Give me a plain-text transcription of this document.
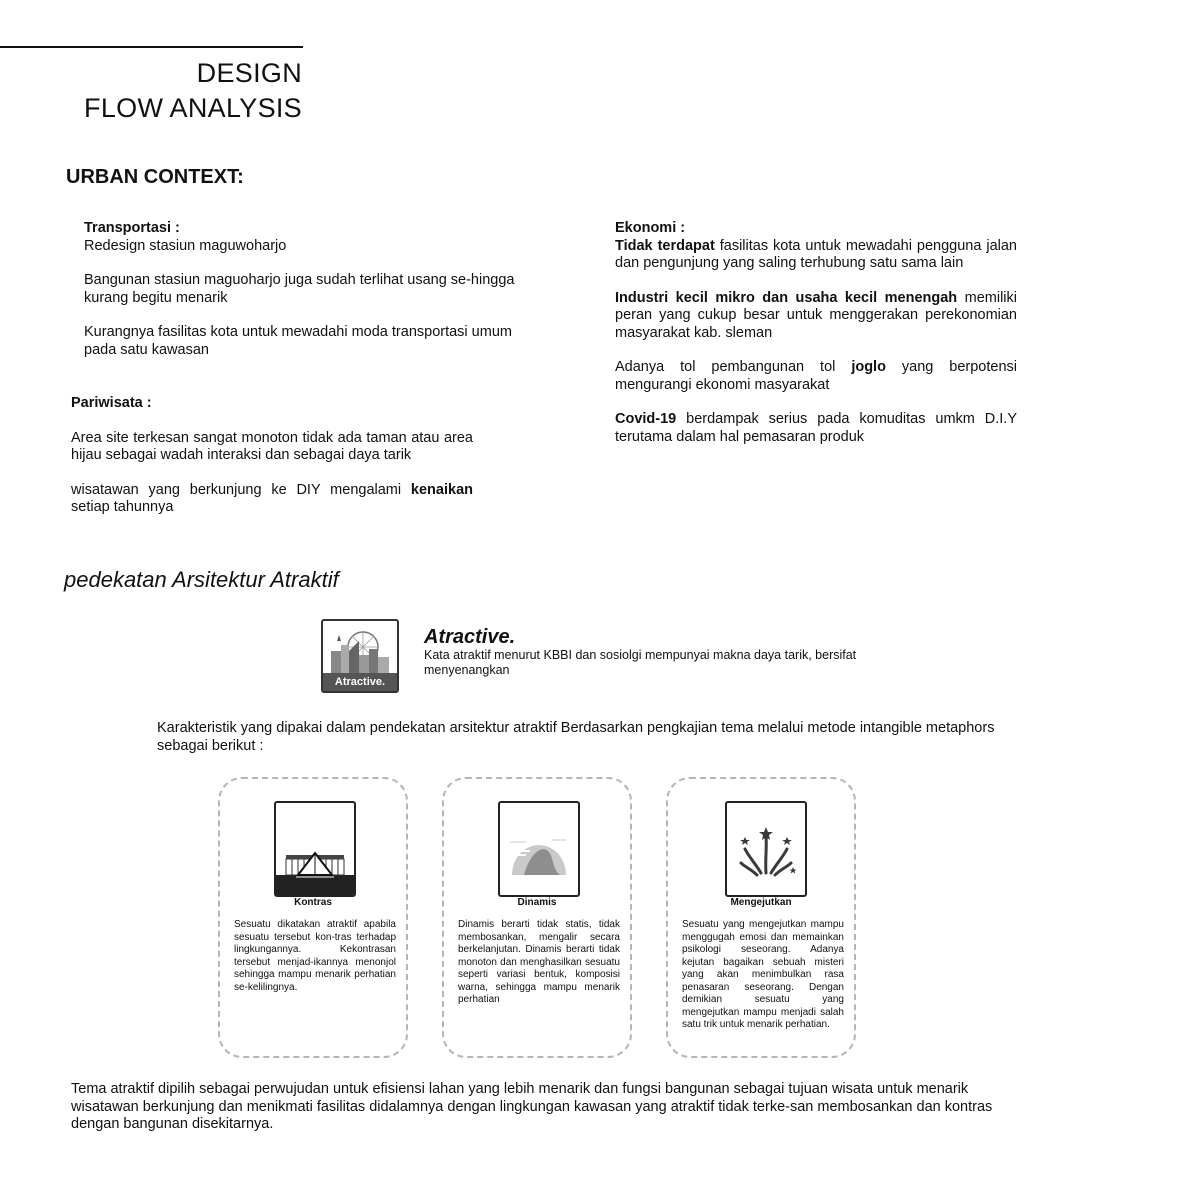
DESIGN
FLOW ANALYSIS
URBAN CONTEXT:

Transportasi :

Redesign stasiun maguwoharjo

Bangunan stasiun maguoharjo juga sudah terlihat usang se-hingga kurang begitu menarik

Kurangnya fasilitas kota untuk mewadahi moda transportasi umum pada satu kawasan

Pariwisata :

Area site terkesan sangat monoton tidak ada taman atau area hijau sebagai wadah interaksi dan sebagai daya tarik

wisatawan yang berkunjung ke DIY mengalami kenaikan setiap tahunnya

Ekonomi :

Tidak terdapat fasilitas kota untuk mewadahi pengguna jalan dan pengunjung yang saling terhubung satu sama lain

Industri kecil mikro dan usaha kecil menengah memiliki peran yang cukup besar untuk menggerakan perekonomian masyarakat kab. sleman

Adanya tol pembangunan tol joglo yang berpotensi mengurangi ekonomi masyarakat

Covid-19 berdampak serius pada komuditas umkm D.I.Y terutama dalam hal pemasaran produk

pedekatan Arsitektur Atraktif
Atractive.
Atractive.
Kata atraktif menurut KBBI dan sosiolgi mempunyai makna daya tarik, bersifat menyenangkan
Karakteristik yang dipakai dalam pendekatan arsitektur atraktif Berdasarkan pengkajian tema melalui metode intangible metaphors sebagai berikut :
Kontras
Sesuatu dikatakan atraktif apabila sesuatu tersebut kon-tras terhadap lingkungannya. Kekontrasan tersebut menjad-ikannya menonjol sehingga mampu menarik perhatian se-kelilingnya.
Dinamis
Dinamis berarti tidak statis, tidak membosankan, mengalir secara berkelanjutan. Dinamis berarti tidak monoton dan menghasilkan sesuatu seperti variasi bentuk, komposisi warna, sehingga mampu menarik perhatian
Mengejutkan
Sesuatu yang mengejutkan mampu menggugah emosi dan memainkan psikologi seseorang. Adanya kejutan bagaikan sebuah misteri yang akan menimbulkan rasa penasaran seseorang. Dengan demikian sesuatu yang mengejutkan mampu menjadi salah satu trik untuk menarik perhatian.
Tema atraktif dipilih sebagai perwujudan untuk efisiensi lahan yang lebih menarik dan fungsi bangunan sebagai tujuan wisata untuk menarik wisatawan berkunjung dan menikmati fasilitas didalamnya dengan lingkungan kawasan yang atraktif tidak terke-san membosankan dan kontras dengan bangunan disekitarnya.
